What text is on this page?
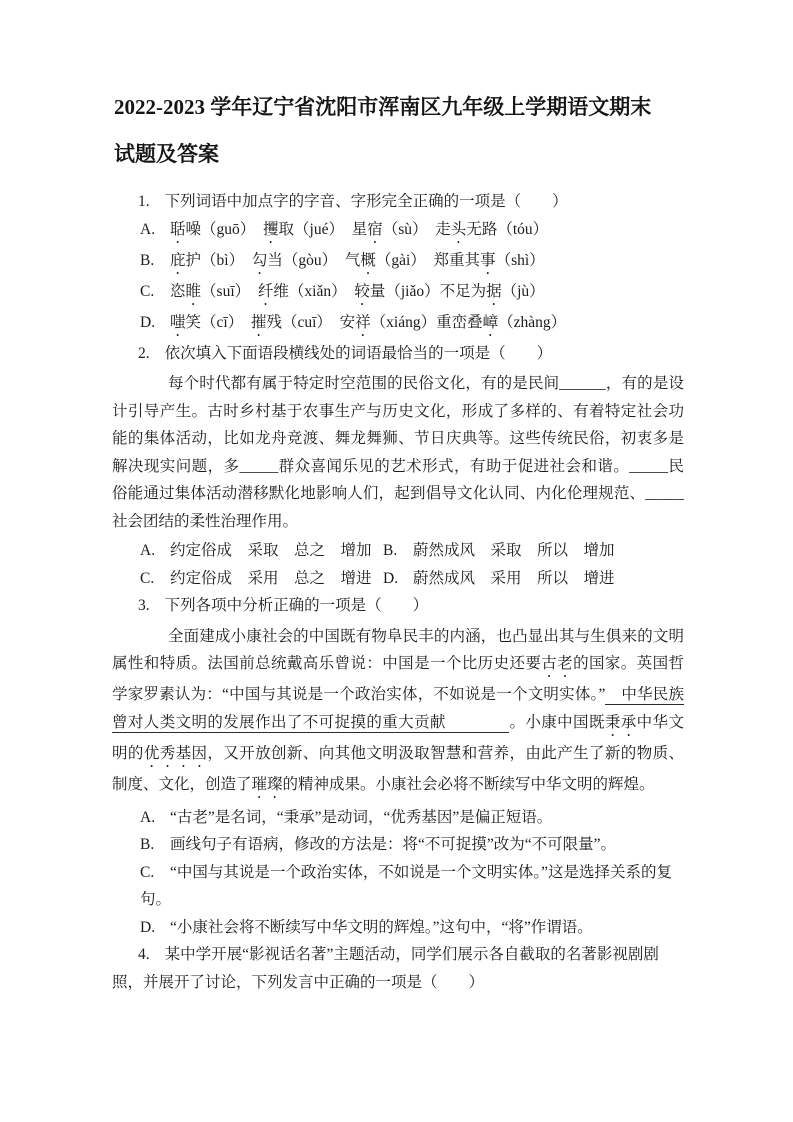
2022-2023 学年辽宁省沈阳市浑南区九年级上学期语文期末
试题及答案
1. 下列词语中加点字的字音、字形完全正确的一项是（　　）
A. 聒噪（guō）　攫取（jué）　星宿（sù）　走头无路（tóu）
B. 庇护（bì）　勾当（gòu）　气概（gài）　郑重其事（shì）
C. 恣睢（suī）　纤维（xiǎn）　较量（jiǎo）不足为据（jù）
D. 嗤笑（cī）　摧残（cuī）　安祥（xiáng）重峦叠嶂（zhàng）
2. 依次填入下面语段横线处的词语最恰当的一项是（　　）
每个时代都有属于特定时空范围的民俗文化，有的是民间______，有的是设计引导产生。古时乡村基于农事生产与历史文化，形成了多样的、有着特定社会功能的集体活动，比如龙舟竞渡、舞龙舞狮、节日庆典等。这些传统民俗，初衷多是解决现实问题，多_____群众喜闻乐见的艺术形式，有助于促进社会和谐。_____民俗能通过集体活动潜移默化地影响人们，起到倡导文化认同、内化伦理规范、_____社会团结的柔性治理作用。
A. 约定俗成　采取　总之　增加 B. 蔚然成风　采取　所以　增加
C. 约定俗成　采用　总之　增进 D. 蔚然成风　采用　所以　增进
3. 下列各项中分析正确的一项是（　　）
全面建成小康社会的中国既有物阜民丰的内涵，也凸显出其与生俱来的文明属性和特质。法国前总统戴高乐曾说：中国是一个比历史还要古老的国家。英国哲学家罗素认为：“中国与其说是一个政治实体，不如说是一个文明实体。”　中华民族曾对人类文明的发展作出了不可捉摸的重大贡献　　　　。小康中国既秉承中华文明的优秀基因，又开放创新、向其他文明汲取智慧和营养，由此产生了新的物质、制度、文化，创造了璀璨的精神成果。小康社会必将不断续写中华文明的辉煌。
A. “古老”是名词，“秉承”是动词，“优秀基因”是偏正短语。
B. 画线句子有语病，修改的方法是：将“不可捉摸”改为“不可限量”。
C. “中国与其说是一个政治实体，不如说是一个文明实体。”这是选择关系的复句。
D. “小康社会将不断续写中华文明的辉煌。”这句中，“将”作谓语。
4. 某中学开展“影视话名著”主题活动，同学们展示各自截取的名著影视剧剧照，并展开了讨论，下列发言中正确的一项是（　　）
